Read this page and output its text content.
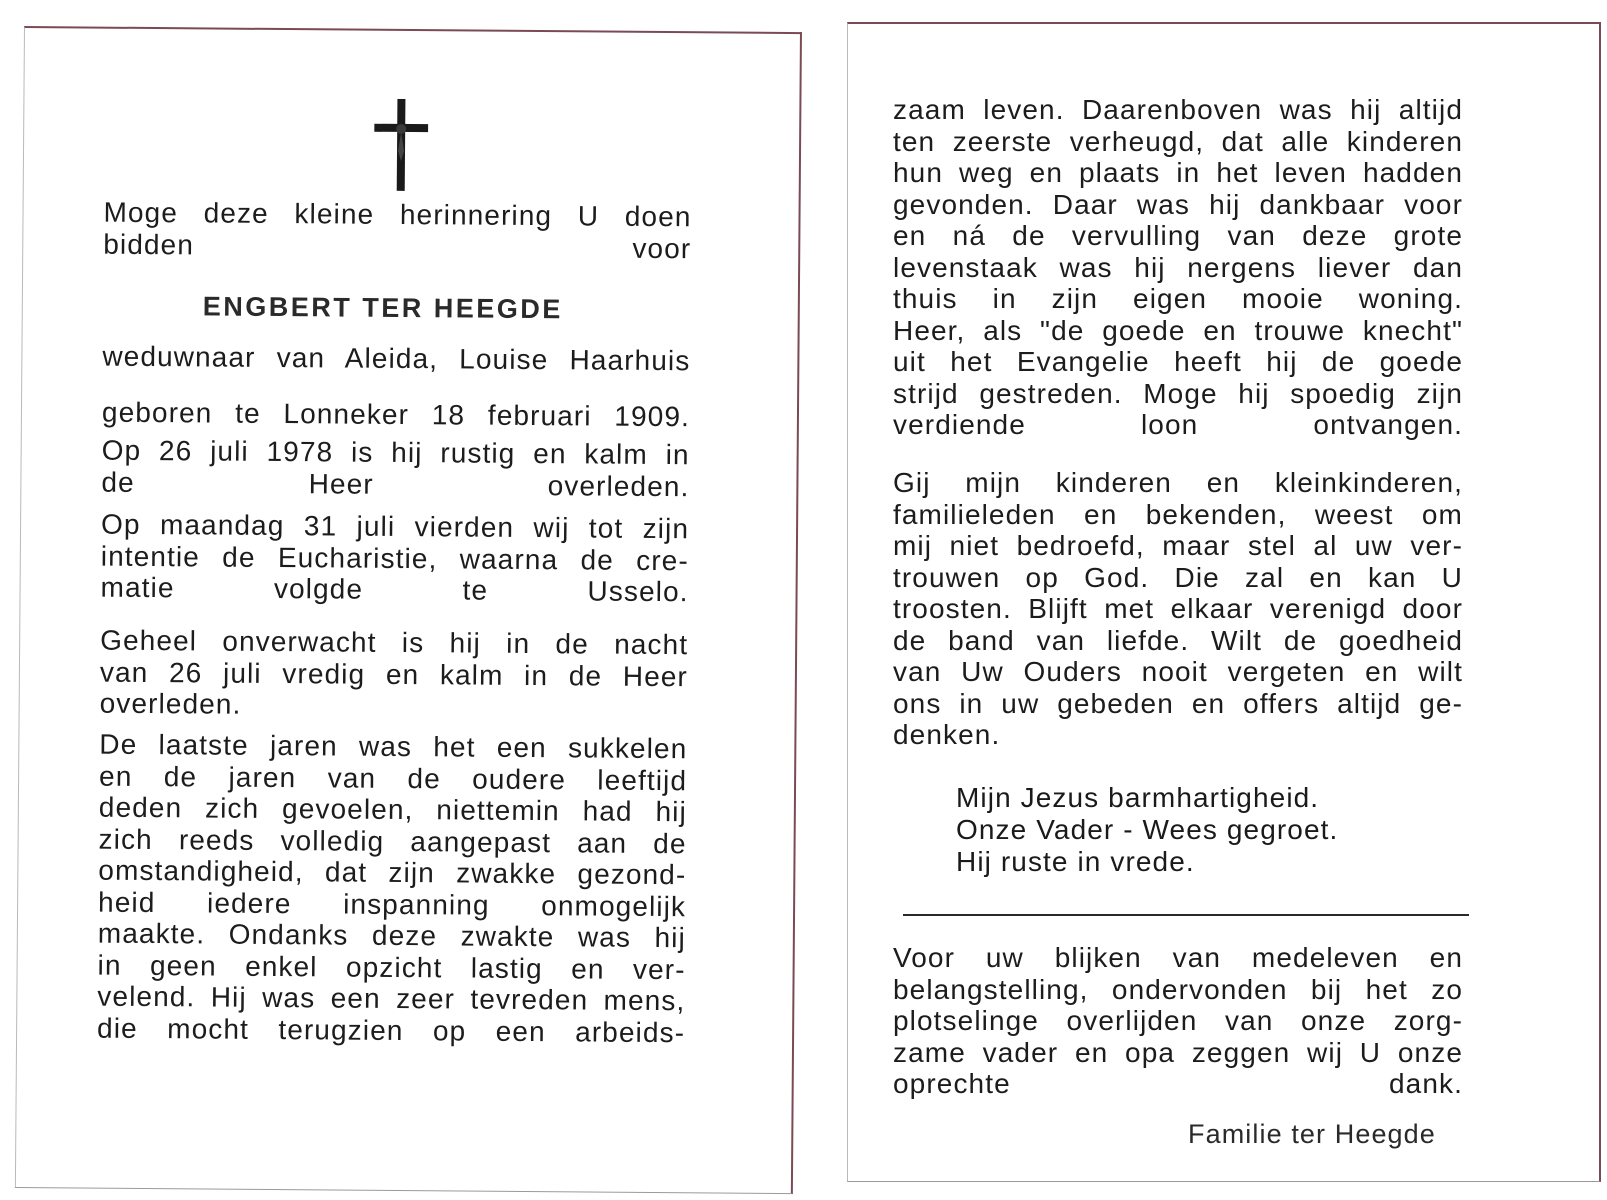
Moge deze kleine herinnering U doen
bidden voor
ENGBERT TER HEEGDE
weduwnaar van Aleida, Louise Haarhuis
geboren te Lonneker 18 februari 1909.
Op 26 juli 1978 is hij rustig en kalm in
de Heer overleden.
Op maandag 31 juli vierden wij tot zijn
intentie de Eucharistie, waarna de cre-
matie volgde te Usselo.
Geheel onverwacht is hij in de nacht
van 26 juli vredig en kalm in de Heer
overleden.
De laatste jaren was het een sukkelen
en de jaren van de oudere leeftijd
deden zich gevoelen, niettemin had hij
zich reeds volledig aangepast aan de
omstandigheid, dat zijn zwakke gezond-
heid iedere inspanning onmogelijk
maakte. Ondanks deze zwakte was hij
in geen enkel opzicht lastig en ver-
velend. Hij was een zeer tevreden mens,
die mocht terugzien op een arbeids-
zaam leven. Daarenboven was hij altijd
ten zeerste verheugd, dat alle kinderen
hun weg en plaats in het leven hadden
gevonden. Daar was hij dankbaar voor
en ná de vervulling van deze grote
levenstaak was hij nergens liever dan
thuis in zijn eigen mooie woning.
Heer, als "de goede en trouwe knecht"
uit het Evangelie heeft hij de goede
strijd gestreden. Moge hij spoedig zijn
verdiende loon ontvangen.
Gij mijn kinderen en kleinkinderen,
familieleden en bekenden, weest om
mij niet bedroefd, maar stel al uw ver-
trouwen op God. Die zal en kan U
troosten. Blijft met elkaar verenigd door
de band van liefde. Wilt de goedheid
van Uw Ouders nooit vergeten en wilt
ons in uw gebeden en offers altijd ge-
denken.
Mijn Jezus barmhartigheid.
Onze Vader - Wees gegroet.
Hij ruste in vrede.
Voor uw blijken van medeleven en
belangstelling, ondervonden bij het zo
plotselinge overlijden van onze zorg-
zame vader en opa zeggen wij U onze
oprechte dank.
Familie ter Heegde
